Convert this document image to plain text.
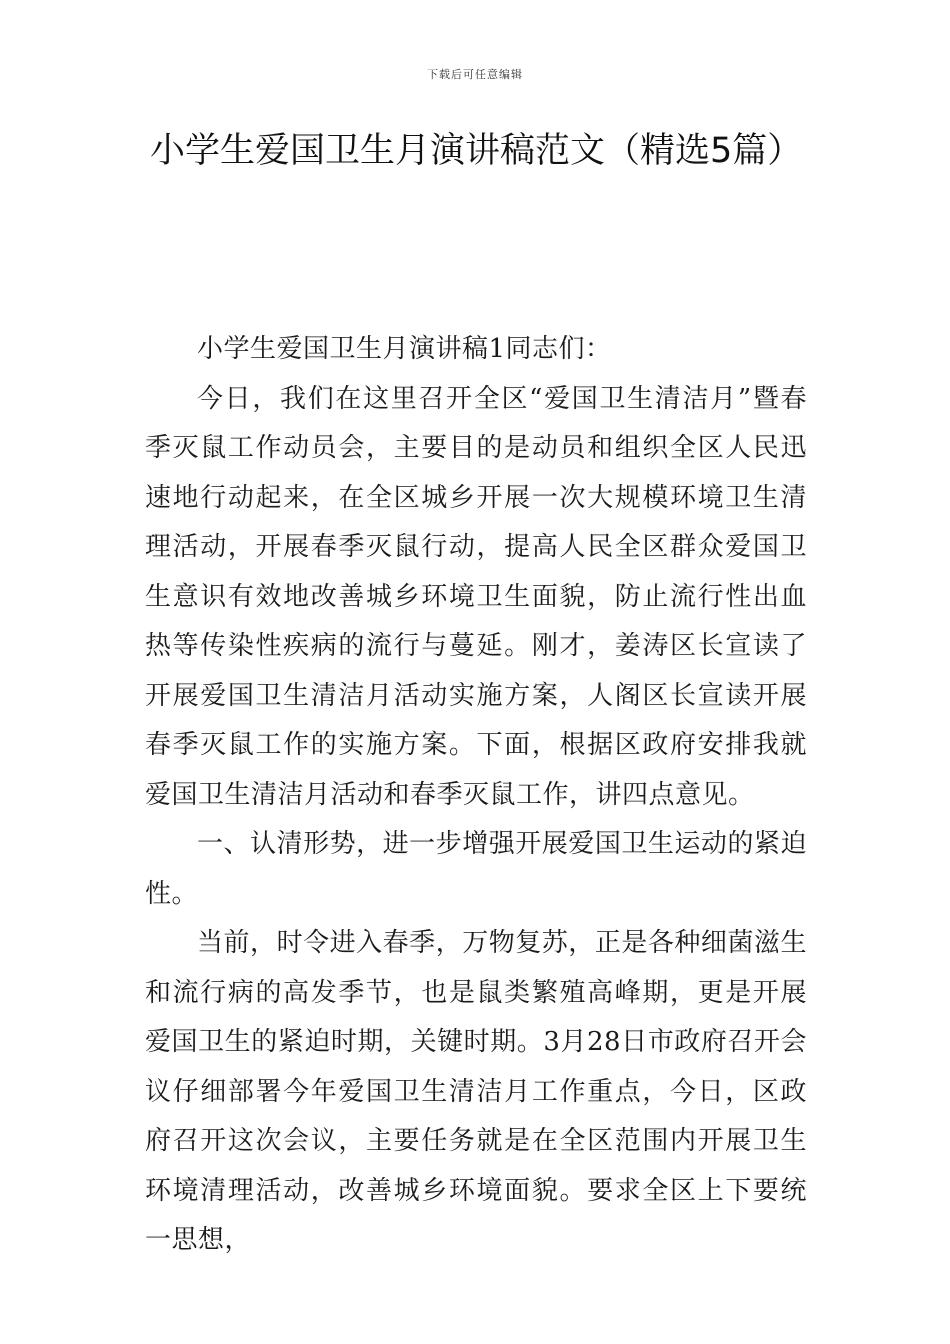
下载后可任意编辑
小学生爱国卫生月演讲稿范文（精选5篇）

小学生爱国卫生月演讲稿1同志们：

今日，我们在这里召开全区“爱国卫生清洁月”暨春季灭鼠工作动员会，主要目的是动员和组织全区人民迅速地行动起来，在全区城乡开展一次大规模环境卫生清理活动，开展春季灭鼠行动，提高人民全区群众爱国卫生意识有效地改善城乡环境卫生面貌，防止流行性出血热等传染性疾病的流行与蔓延。刚才，姜涛区长宣读了开展爱国卫生清洁月活动实施方案，人阁区长宣读开展春季灭鼠工作的实施方案。下面，根据区政府安排我就爱国卫生清洁月活动和春季灭鼠工作，讲四点意见。

一、认清形势，进一步增强开展爱国卫生运动的紧迫性。

当前，时令进入春季，万物复苏，正是各种细菌滋生和流行病的高发季节，也是鼠类繁殖高峰期，更是开展爱国卫生的紧迫时期，关键时期。3月28日市政府召开会议仔细部署今年爱国卫生清洁月工作重点，今日，区政府召开这次会议，主要任务就是在全区范围内开展卫生环境清理活动，改善城乡环境面貌。要求全区上下要统一思想，
